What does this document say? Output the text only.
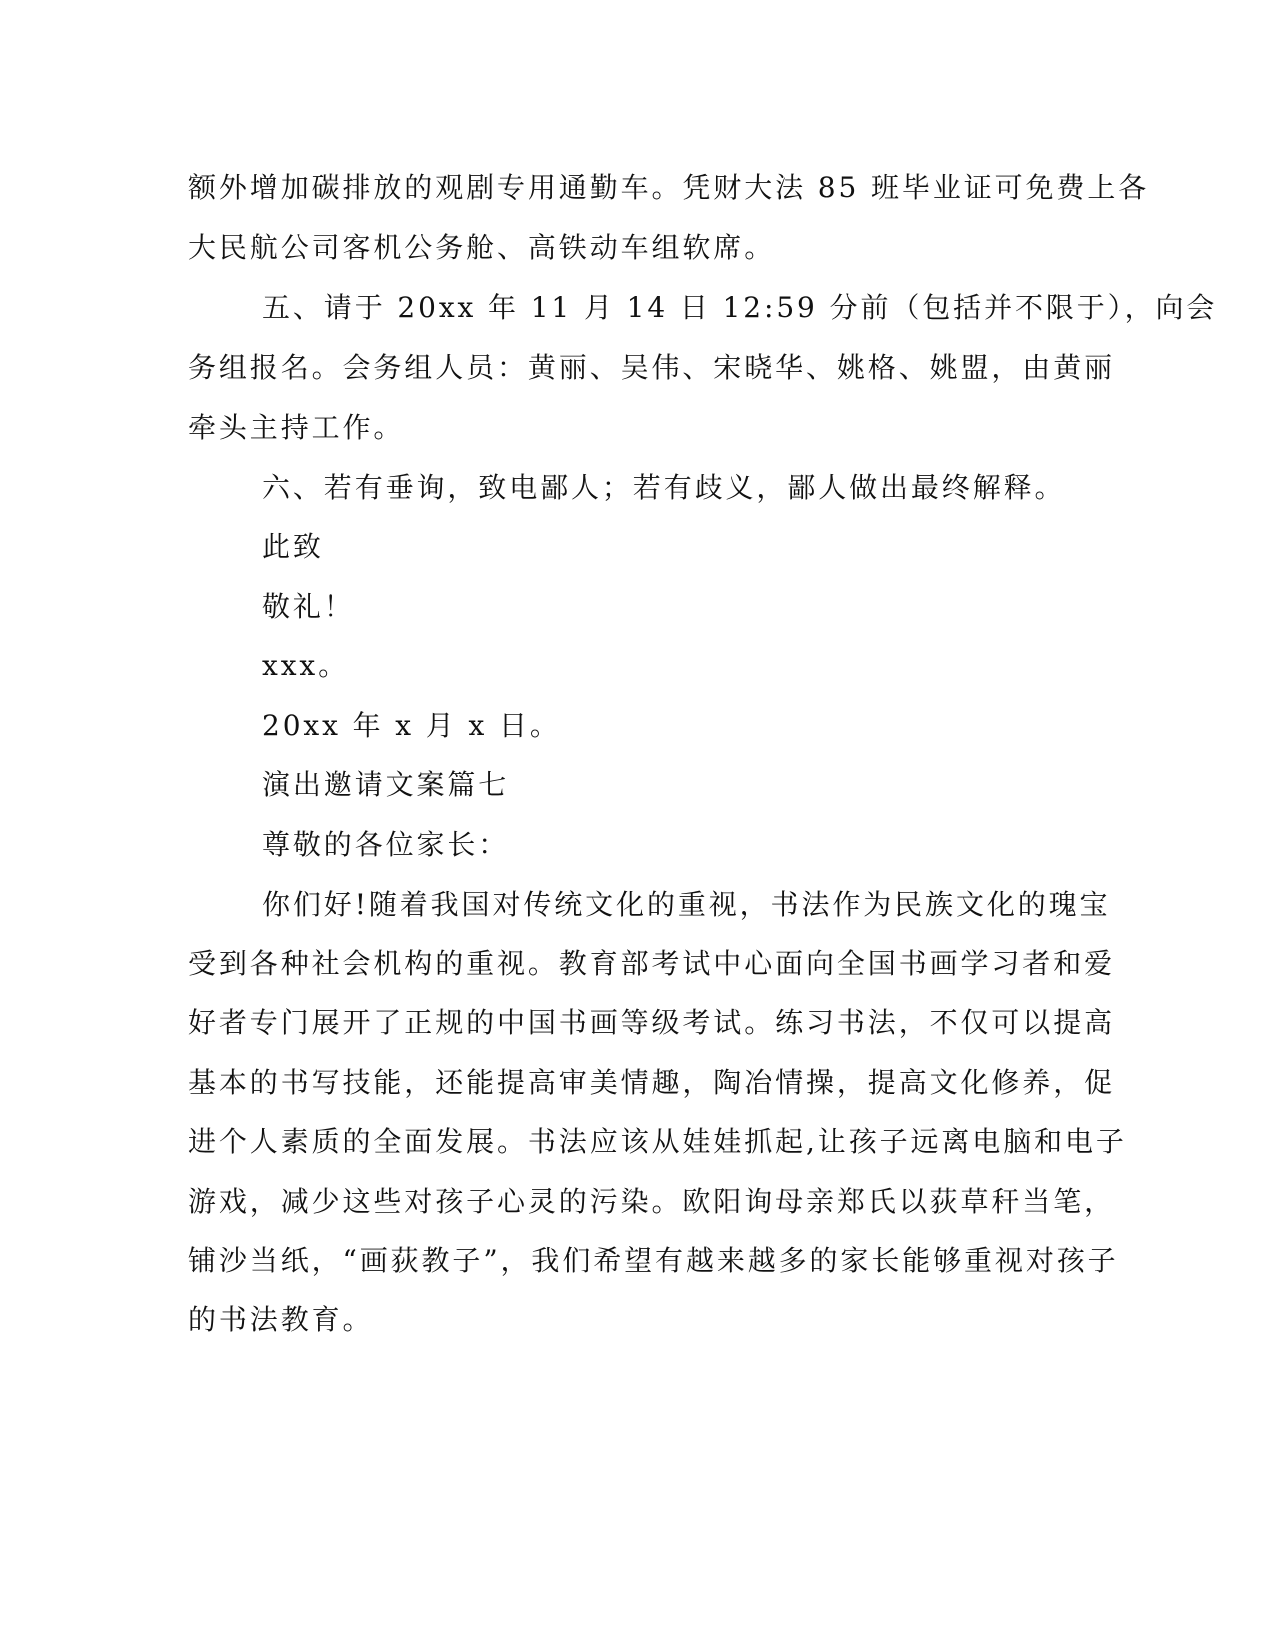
额外增加碳排放的观剧专用通勤车。凭财大法 85 班毕业证可免费上各
大民航公司客机公务舱、高铁动车组软席。
五、请于 20xx 年 11 月 14 日 12:59 分前（包括并不限于），向会
务组报名。会务组人员：黄丽、吴伟、宋晓华、姚格、姚盟，由黄丽
牵头主持工作。
六、若有垂询，致电鄙人；若有歧义，鄙人做出最终解释。
此致
敬礼！
xxx。
20xx 年 x 月 x 日。
演出邀请文案篇七
尊敬的各位家长：
你们好!随着我国对传统文化的重视，书法作为民族文化的瑰宝
受到各种社会机构的重视。教育部考试中心面向全国书画学习者和爱
好者专门展开了正规的中国书画等级考试。练习书法，不仅可以提高
基本的书写技能，还能提高审美情趣，陶冶情操，提高文化修养，促
进个人素质的全面发展。书法应该从娃娃抓起,让孩子远离电脑和电子
游戏，减少这些对孩子心灵的污染。欧阳询母亲郑氏以荻草秆当笔，
铺沙当纸，“画荻教子”，我们希望有越来越多的家长能够重视对孩子
的书法教育。
